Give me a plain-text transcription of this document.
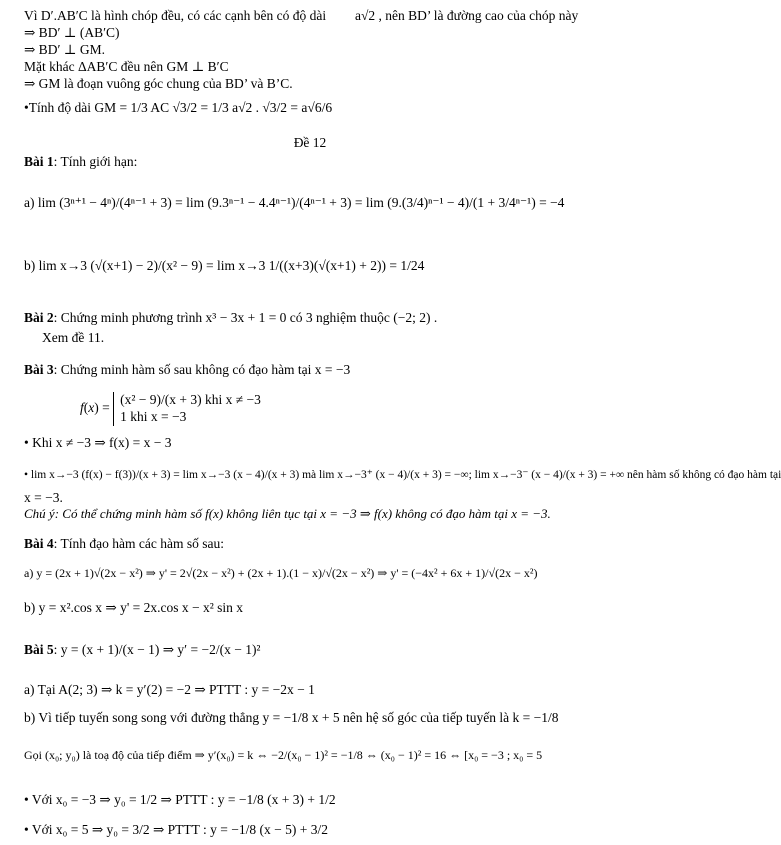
Vì D′.AB′C là hình chóp đều, có các cạnh bên có độ dài a√2 , nên BD’ là đường cao của chóp này
⇒ BD′ ⊥ (AB′C)
⇒ BD′ ⊥ GM.
Mặt khác ΔAB′C đều nên GM ⊥ B′C
⇒ GM là đoạn vuông góc chung của BD’ và B’C.
•Tính độ dài GM = 1/3 AC √3/2 = 1/3 a√2 . √3/2 = a√6/6
Đề 12
Bài 1: Tính giới hạn:
a) lim (3ⁿ⁺¹ − 4ⁿ)/(4ⁿ⁻¹ + 3) = lim (9.3ⁿ⁻¹ − 4.4ⁿ⁻¹)/(4ⁿ⁻¹ + 3) = lim (9.(3/4)ⁿ⁻¹ − 4)/(1 + 3/4ⁿ⁻¹) = −4
b) lim x→3 (√(x+1) − 2)/(x² − 9) = lim x→3 1/((x+3)(√(x+1) + 2)) = 1/24
Bài 2: Chứng minh phương trình x³ − 3x + 1 = 0 có 3 nghiệm thuộc (−2; 2) .
Xem đề 11.
Bài 3: Chứng minh hàm số sau không có đạo hàm tại x = −3
f(x) =
(x² − 9)/(x + 3) khi x ≠ −3
1 khi x = −3
• Khi x ≠ −3 ⇒ f(x) = x − 3
• lim x→−3 (f(x) − f(3))/(x + 3) = lim x→−3 (x − 4)/(x + 3) mà lim x→−3⁺ (x − 4)/(x + 3) = −∞; lim x→−3⁻ (x − 4)/(x + 3) = +∞ nên hàm số không có đạo hàm tại
x = −3.
Chú ý: Có thể chứng minh hàm số f(x) không liên tục tại x = −3 ⇒ f(x) không có đạo hàm tại x = −3.
Bài 4: Tính đạo hàm các hàm số sau:
a) y = (2x + 1)√(2x − x²) ⇒ y' = 2√(2x − x²) + (2x + 1).(1 − x)/√(2x − x²) ⇒ y' = (−4x² + 6x + 1)/√(2x − x²)
b) y = x².cos x ⇒ y' = 2x.cos x − x² sin x
Bài 5: y = (x + 1)/(x − 1) ⇒ y′ = −2/(x − 1)²
a) Tại A(2; 3) ⇒ k = y′(2) = −2 ⇒ PTTT : y = −2x − 1
b) Vì tiếp tuyến song song với đường thẳng y = −1/8 x + 5 nên hệ số góc của tiếp tuyến là k = −1/8
Gọi (x₀; y₀) là toạ độ của tiếp điểm ⇒ y′(x₀) = k ⇔ −2/(x₀ − 1)² = −1/8 ⇔ (x₀ − 1)² = 16 ⇔ [x₀ = −3 ; x₀ = 5
• Với x₀ = −3 ⇒ y₀ = 1/2 ⇒ PTTT : y = −1/8 (x + 3) + 1/2
• Với x₀ = 5 ⇒ y₀ = 3/2 ⇒ PTTT : y = −1/8 (x − 5) + 3/2
